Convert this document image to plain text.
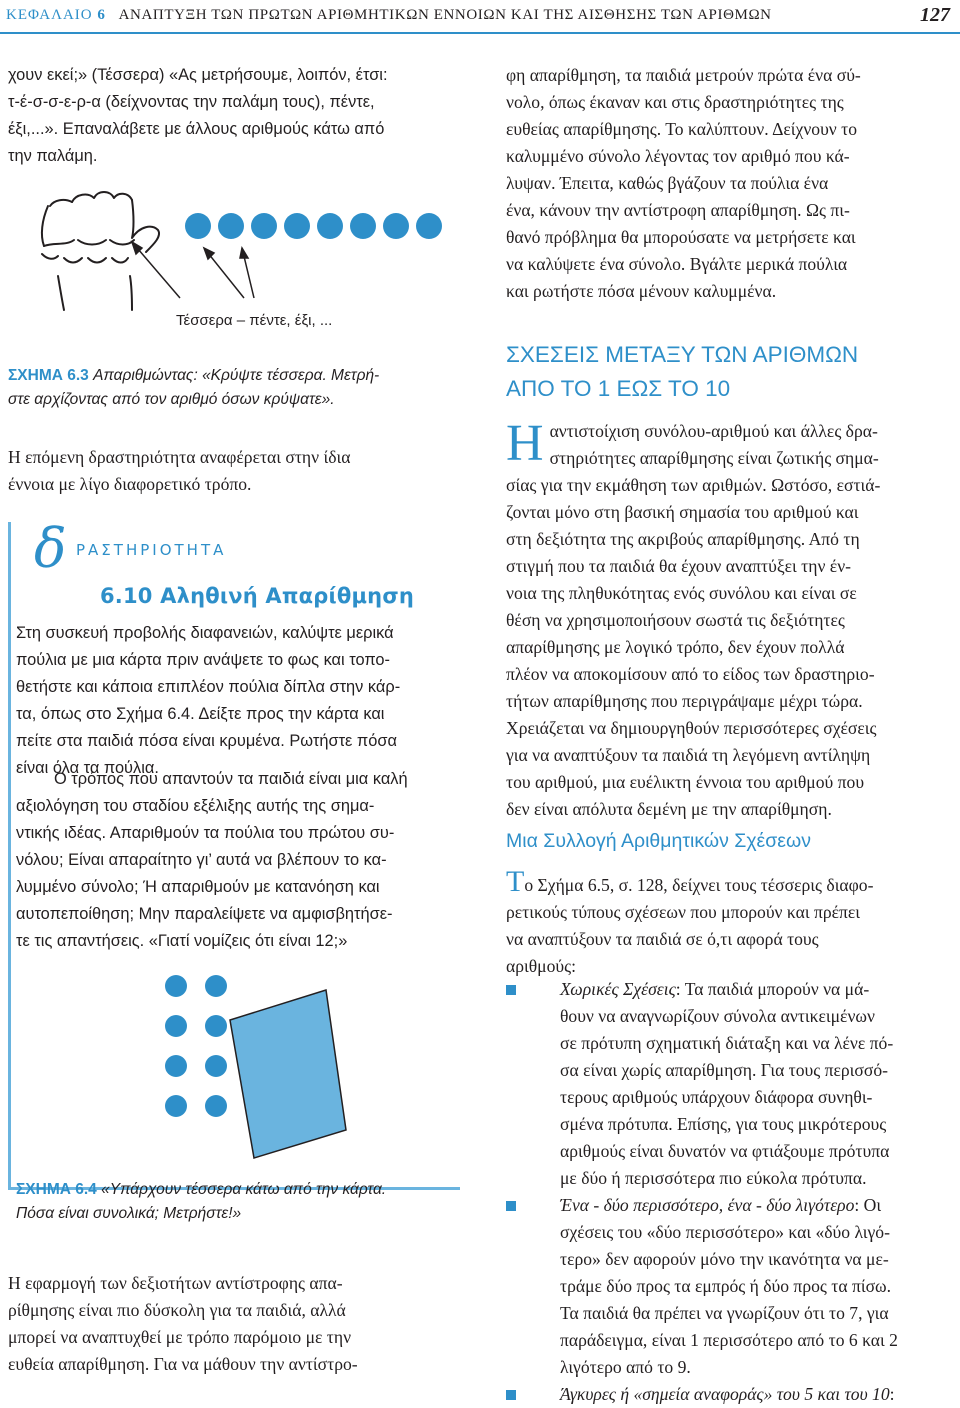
ΚΕΦΑΛΑΙΟ 6 ΑΝΑΠΤΥΞΗ ΤΩΝ ΠΡΩΤΩΝ ΑΡΙΘΜΗΤΙΚΩΝ ΕΝΝΟΙΩΝ ΚΑΙ ΤΗΣ ΑΙΣΘΗΣΗΣ ΤΩΝ ΑΡΙΘΜΩΝ	127
χουν εκεί;» (Τέσσερα) «Ας μετρήσουμε, λοιπόν, έτσι:
τ-έ-σ-σ-ε-ρ-α (δείχνοντας την παλάμη τους), πέντε,
έξι,...». Επαναλάβετε με άλλους αριθμούς κάτω από
την παλάμη.
Τέσσερα – πέντε, έξι, ...
ΣΧΗΜΑ 6.3 Απαριθμώντας: «Κρύψτε τέσσερα. Μετρή-
στε αρχίζοντας από τον αριθμό όσων κρύψατε».
Η επόμενη δραστηριότητα αναφέρεται στην ίδια
έννοια με λίγο διαφορετικό τρόπο.
δ ΡΑΣΤΗΡΙΟΤΗΤΑ
6.10 Αληθινή Απαρίθμηση
Στη συσκευή προβολής διαφανειών, καλύψτε μερικά
πούλια με μια κάρτα πριν ανάψετε το φως και τοπο-
θετήστε και κάποια επιπλέον πούλια δίπλα στην κάρ-
τα, όπως στο Σχήμα 6.4. Δείξτε προς την κάρτα και
πείτε στα παιδιά πόσα είναι κρυμένα. Ρωτήστε πόσα
είναι όλα τα πούλια.
Ο τρόπος που απαντούν τα παιδιά είναι μια καλή
αξιολόγηση του σταδίου εξέλιξης αυτής της σημα-
ντικής ιδέας. Απαριθμούν τα πούλια του πρώτου συ-
νόλου; Είναι απαραίτητο γι’ αυτά να βλέπουν το κα-
λυμμένο σύνολο; Ή απαριθμούν με κατανόηση και
αυτοπεποίθηση; Μην παραλείψετε να αμφισβητήσε-
τε τις απαντήσεις. «Γιατί νομίζεις ότι είναι 12;»
ΣΧΗΜΑ 6.4 «Υπάρχουν τέσσερα κάτω από την κάρτα.
Πόσα είναι συνολικά; Μετρήστε!»
Η εφαρμογή των δεξιοτήτων αντίστροφης απα-
ρίθμησης είναι πιο δύσκολη για τα παιδιά, αλλά
μπορεί να αναπτυχθεί με τρόπο παρόμοιο με την
ευθεία απαρίθμηση. Για να μάθουν την αντίστρο-
φη απαρίθμηση, τα παιδιά μετρούν πρώτα ένα σύ-
νολο, όπως έκαναν και στις δραστηριότητες της
ευθείας απαρίθμησης. Το καλύπτουν. Δείχνουν το
καλυμμένο σύνολο λέγοντας τον αριθμό που κά-
λυψαν. Έπειτα, καθώς βγάζουν τα πούλια ένα
ένα, κάνουν την αντίστροφη απαρίθμηση. Ως πι-
θανό πρόβλημα θα μπορούσατε να μετρήσετε και
να καλύψετε ένα σύνολο. Βγάλτε μερικά πούλια
και ρωτήστε πόσα μένουν καλυμμένα.
ΣΧΕΣΕΙΣ ΜΕΤΑΞΥ ΤΩΝ ΑΡΙΘΜΩΝ
ΑΠΟ ΤΟ 1 ΕΩΣ ΤΟ 10
Η αντιστοίχιση συνόλου-αριθμού και άλλες δρα-
στηριότητες απαρίθμησης είναι ζωτικής σημα-
σίας για την εκμάθηση των αριθμών. Ωστόσο, εστιά-
ζονται μόνο στη βασική σημασία του αριθμού και
στη δεξιότητα της ακριβούς απαρίθμησης. Από τη
στιγμή που τα παιδιά θα έχουν αναπτύξει την έν-
νοια της πληθυκότητας ενός συνόλου και είναι σε
θέση να χρησιμοποιήσουν σωστά τις δεξιότητες
απαρίθμησης με λογικό τρόπο, δεν έχουν πολλά
πλέον να αποκομίσουν από το είδος των δραστηριο-
τήτων απαρίθμησης που περιγράψαμε μέχρι τώρα.
Χρειάζεται να δημιουργηθούν περισσότερες σχέσεις
για να αναπτύξουν τα παιδιά τη λεγόμενη αντίληψη
του αριθμού, μια ευέλικτη έννοια του αριθμού που
δεν είναι απόλυτα δεμένη με την απαρίθμηση.
Μια Συλλογή Αριθμητικών Σχέσεων
Το Σχήμα 6.5, σ. 128, δείχνει τους τέσσερις διαφο-
ρετικούς τύπους σχέσεων που μπορούν και πρέπει
να αναπτύξουν τα παιδιά σε ό,τι αφορά τους
αριθμούς:
Χωρικές Σχέσεις: Τα παιδιά μπορούν να μά-
θουν να αναγνωρίζουν σύνολα αντικειμένων
σε πρότυπη σχηματική διάταξη και να λένε πό-
σα είναι χωρίς απαρίθμηση. Για τους περισσό-
τερους αριθμούς υπάρχουν διάφορα συνηθι-
σμένα πρότυπα. Επίσης, για τους μικρότερους
αριθμούς είναι δυνατόν να φτιάξουμε πρότυπα
με δύο ή περισσότερα πιο εύκολα πρότυπα.
Ένα - δύο περισσότερο, ένα - δύο λιγότερο: Οι
σχέσεις του «δύο περισσότερο» και «δύο λιγό-
τερο» δεν αφορούν μόνο την ικανότητα να με-
τράμε δύο προς τα εμπρός ή δύο προς τα πίσω.
Τα παιδιά θα πρέπει να γνωρίζουν ότι το 7, για
παράδειγμα, είναι 1 περισσότερο από το 6 και 2
λιγότερο από το 9.
Άγκυρες ή «σημεία αναφοράς» του 5 και του 10:
